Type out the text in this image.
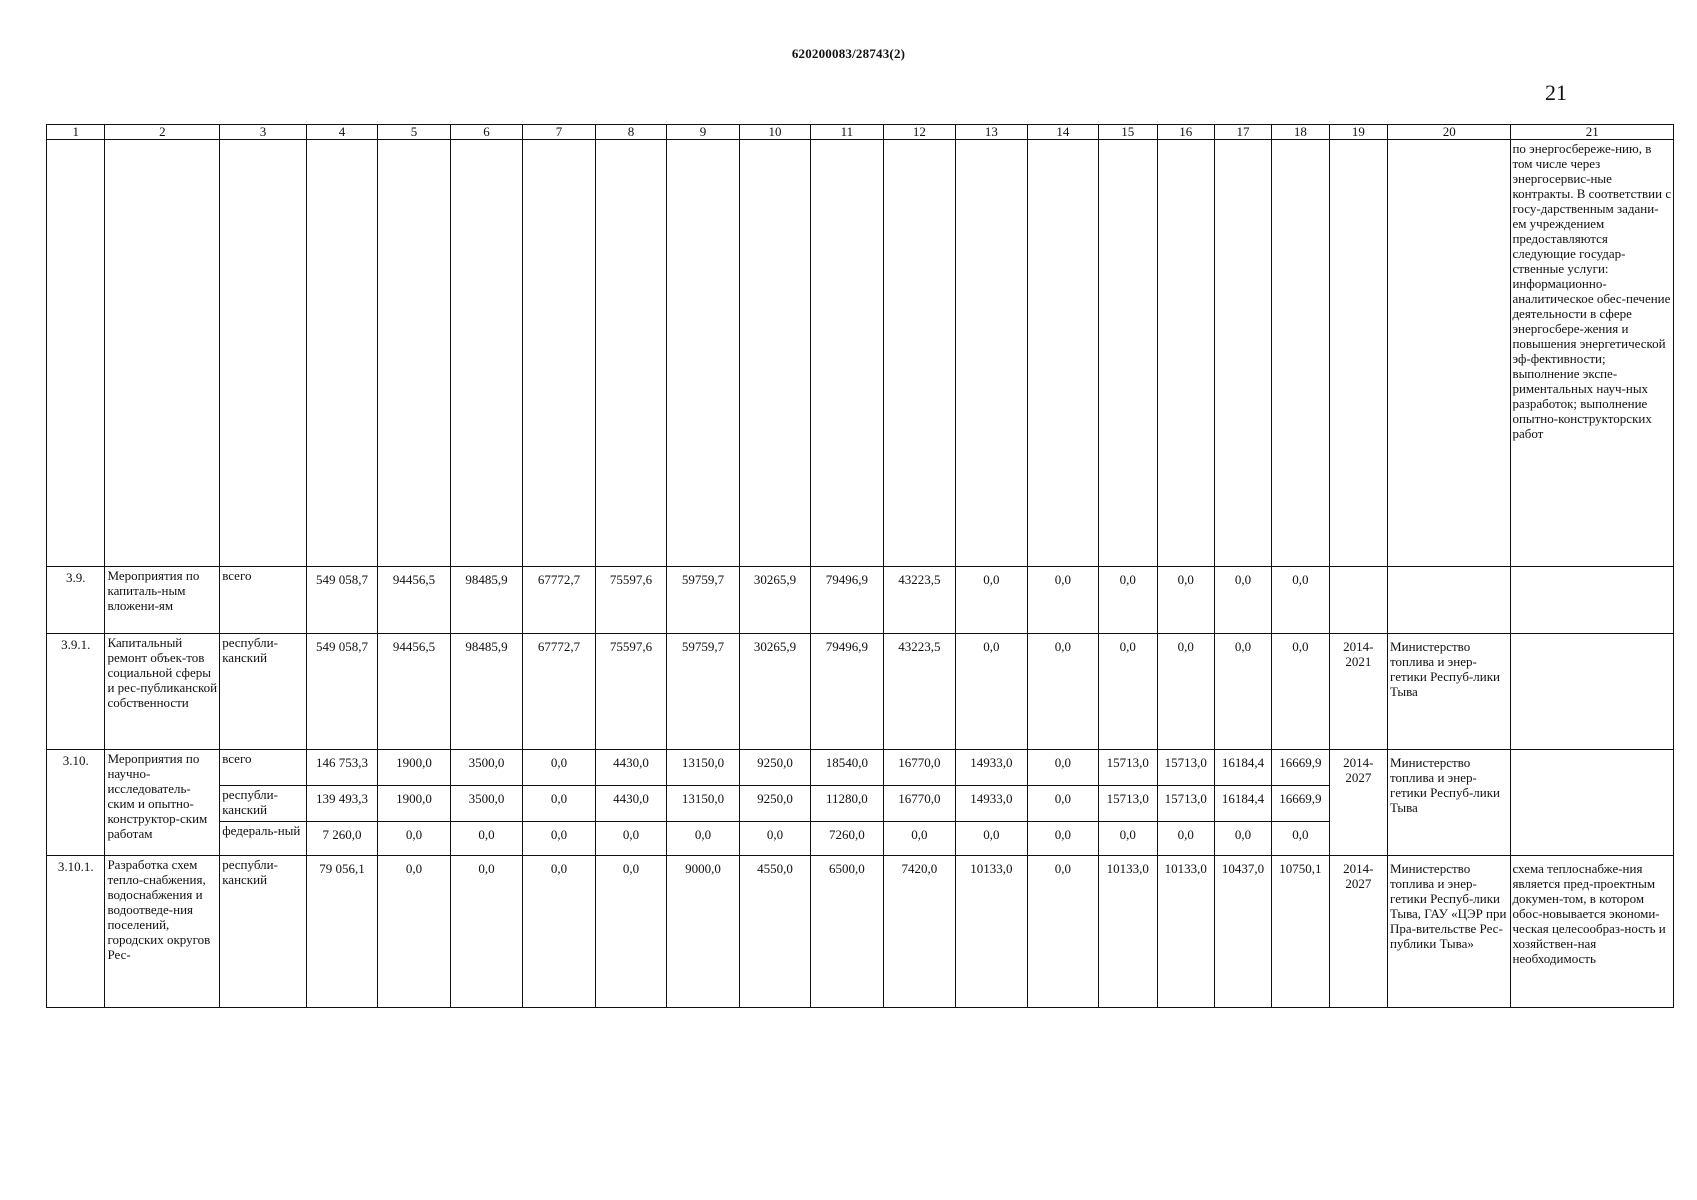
620200083/28743(2)
21
1	2	3	4	5	6	7	8	9	10	11	12	13	14	15	16	17	18	19	20	21
																				по энергосбереже-нию, в том числе через энергосервис-ные контракты. В соответствии с госу-дарственным задани-ем учреждением предоставляются следующие государ-ственные услуги: информационно-аналитическое обес-печение деятельности в сфере энергосбере-жения и повышения энергетической эф-фективности; выполнение экспе-риментальных науч-ных разработок; выполнение опытно-конструкторских работ
3.9.	Мероприятия по капиталь-ным вложени-ям	всего	549 058,7	94456,5	98485,9	67772,7	75597,6	59759,7	30265,9	79496,9	43223,5	0,0	0,0	0,0	0,0	0,0	0,0			
3.9.1.	Капитальный ремонт объек-тов социальной сферы и рес-публиканской собственности	республи-канский	549 058,7	94456,5	98485,9	67772,7	75597,6	59759,7	30265,9	79496,9	43223,5	0,0	0,0	0,0	0,0	0,0	0,0	2014-2021	Министерство топлива и энер-гетики Респуб-лики Тыва	
3.10.	Мероприятия по научно-исследователь-ским и опытно-конструктор-ским работам	всего	146 753,3	1900,0	3500,0	0,0	4430,0	13150,0	9250,0	18540,0	16770,0	14933,0	0,0	15713,0	15713,0	16184,4	16669,9	2014-2027	Министерство топлива и энер-гетики Респуб-лики Тыва	
		республи-канский	139 493,3	1900,0	3500,0	0,0	4430,0	13150,0	9250,0	11280,0	16770,0	14933,0	0,0	15713,0	15713,0	16184,4	16669,9			
		федераль-ный	7 260,0	0,0	0,0	0,0	0,0	0,0	0,0	7260,0	0,0	0,0	0,0	0,0	0,0	0,0	0,0			
3.10.1.	Разработка схем тепло-снабжения, водоснабжения и водоотведе-ния поселений, городских округов Рес-	республи-канский	79 056,1	0,0	0,0	0,0	0,0	9000,0	4550,0	6500,0	7420,0	10133,0	0,0	10133,0	10133,0	10437,0	10750,1	2014-2027	Министерство топлива и энер-гетики Респуб-лики Тыва, ГАУ «ЦЭР при Пра-вительстве Рес-публики Тыва»	схема теплоснабже-ния является пред-проектным докумен-том, в котором обос-новывается экономи-ческая целесообраз-ность и хозяйствен-ная необходимость
